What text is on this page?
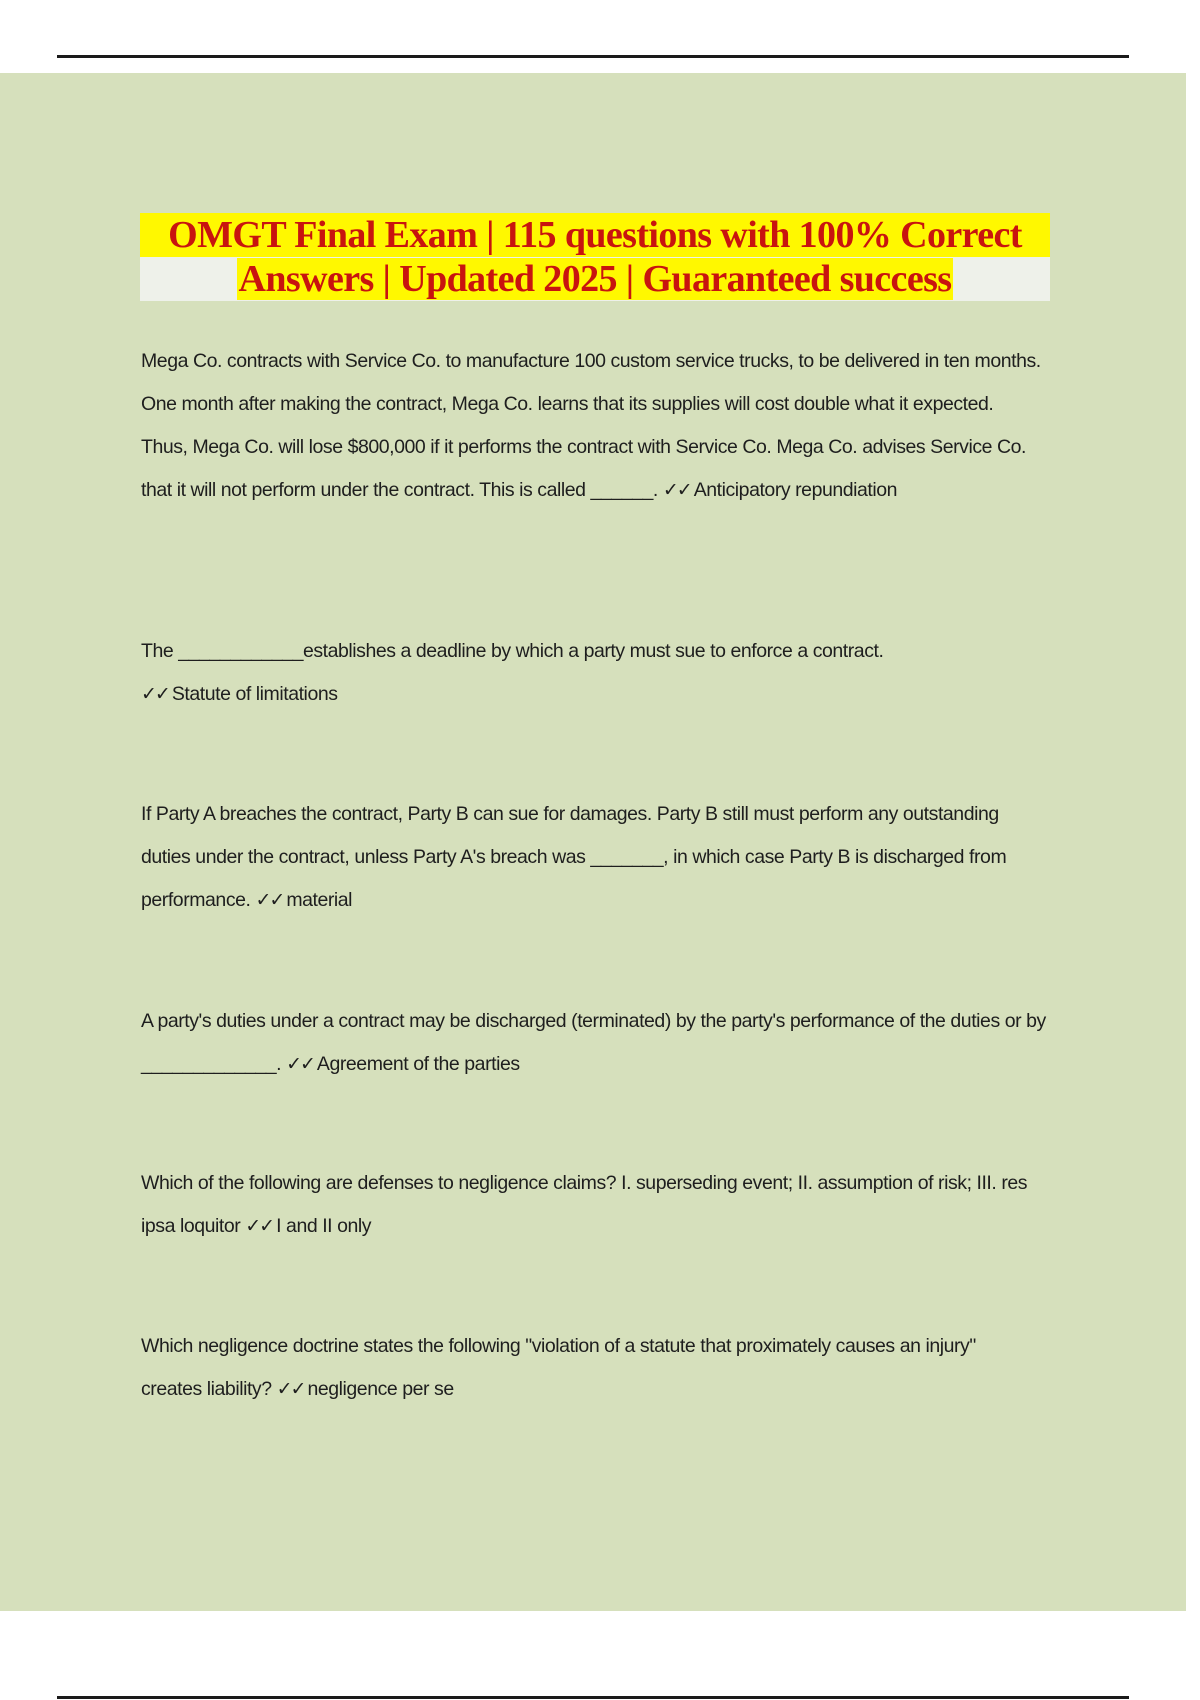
OMGT Final Exam | 115 questions with 100% Correct
Answers | Updated 2025 | Guaranteed success
Mega Co. contracts with Service Co. to manufacture 100 custom service trucks, to be delivered in ten months. One month after making the contract, Mega Co. learns that its supplies will cost double what it expected. Thus, Mega Co. will lose $800,000 if it performs the contract with Service Co. Mega Co. advises Service Co. that it will not perform under the contract. This is called ______. ✓✓ Anticipatory repundiation
The ____________establishes a deadline by which a party must sue to enforce a contract. ✓✓ Statute of limitations
If Party A breaches the contract, Party B can sue for damages. Party B still must perform any outstanding duties under the contract, unless Party A's breach was _______, in which case Party B is discharged from performance. ✓✓ material
A party's duties under a contract may be discharged (terminated) by the party's performance of the duties or by _____________. ✓✓ Agreement of the parties
Which of the following are defenses to negligence claims? I. superseding event; II. assumption of risk; III. res ipsa loquitor ✓✓ I and II only
Which negligence doctrine states the following "violation of a statute that proximately causes an injury" creates liability? ✓✓ negligence per se
